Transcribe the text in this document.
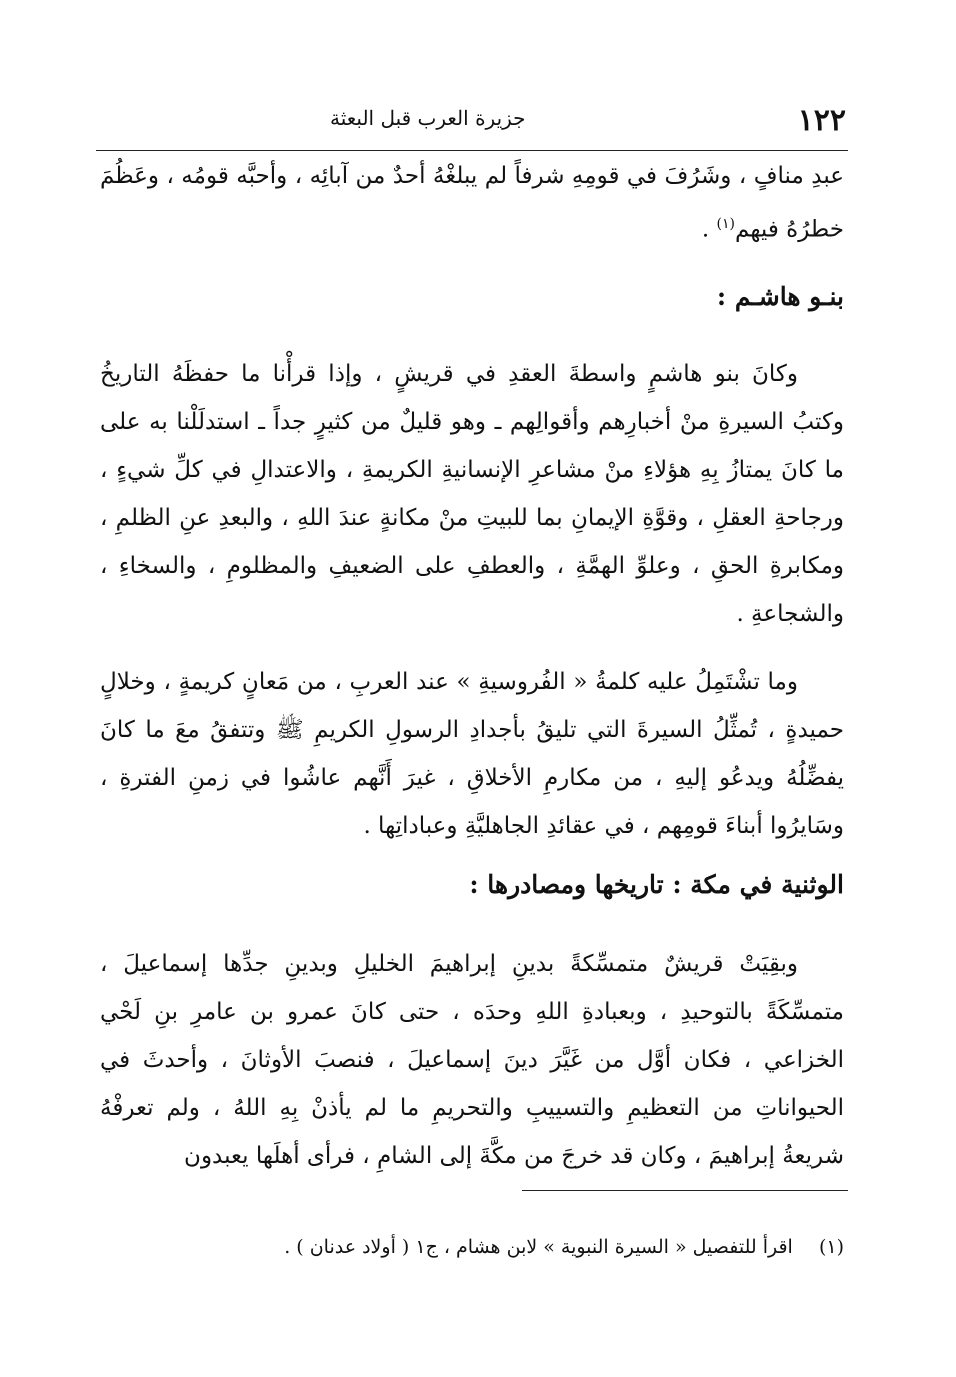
١٢٢
جزيرة العرب قبل البعثة

عبدِ منافٍ ، وشَرُفَ في قومِهِ شرفاً لم يبلغْهُ أحدٌ من آبائِه ، وأحبَّه قومُه ، وعَظُمَ خطرُهُ فيهم$^{(١)}$ .

بنـو هاشـم :

وكانَ بنو هاشمٍ واسطةَ العقدِ في قريشٍ ، وإذا قرأْنا ما حفظَهُ التاريخُ وكتبُ السيرةِ منْ أخبارِهم وأقوالِهم ـ وهو قليلٌ من كثيرٍ جداً ـ استدلَلْنا به على ما كانَ يمتازُ بِهِ هؤلاءِ منْ مشاعرِ الإنسانيةِ الكريمةِ ، والاعتدالِ في كلِّ شيءٍ ، ورجاحةِ العقلِ ، وقوَّةِ الإيمانِ بما للبيتِ منْ مكانةٍ عندَ اللهِ ، والبعدِ عنِ الظلمِ ، ومكابرةِ الحقِ ، وعلوِّ الهمَّةِ ، والعطفِ على الضعيفِ والمظلومِ ، والسخاءِ ، والشجاعةِ .

وما تشْتَمِلُ عليه كلمةُ « الفُروسيةِ » عند العربِ ، من مَعانٍ كريمةٍ ، وخلالٍ حميدةٍ ، تُمثِّلُ السيرةَ التي تليقُ بأجدادِ الرسولِ الكريمِ ﷺ وتتفقُ معَ ما كانَ يفضِّلُهُ ويدعُو إليهِ ، من مكارمِ الأخلاقِ ، غيرَ أَنَّهم عاشُوا في زمنِ الفترةِ ، وسَايرُوا أبناءَ قومِهم ، في عقائدِ الجاهليَّةِ وعباداتِها .

الوثنية في مكة : تاريخها ومصادرها :

وبقِيَتْ قريشٌ متمسِّكةً بدينِ إبراهيمَ الخليلِ وبدينِ جدِّها إسماعيلَ ، متمسِّكَةً بالتوحيدِ ، وبعبادةِ اللهِ وحدَه ، حتى كانَ عمرو بن عامرِ بنِ لَحْي الخزاعي ، فكان أوَّل من غَيَّرَ دينَ إسماعيلَ ، فنصبَ الأوثانَ ، وأحدثَ في الحيواناتِ من التعظيمِ والتسييبِ والتحريمِ ما لم يأذنْ بِهِ اللهُ ، ولم تعرفْهُ شريعةُ إبراهيمَ ، وكان قد خرجَ من مكَّةَ إلى الشامِ ، فرأى أهلَها يعبدون

(١)  اقرأ للتفصيل « السيرة النبوية » لابن هشام ، ج١ ( أولاد عدنان ) .
